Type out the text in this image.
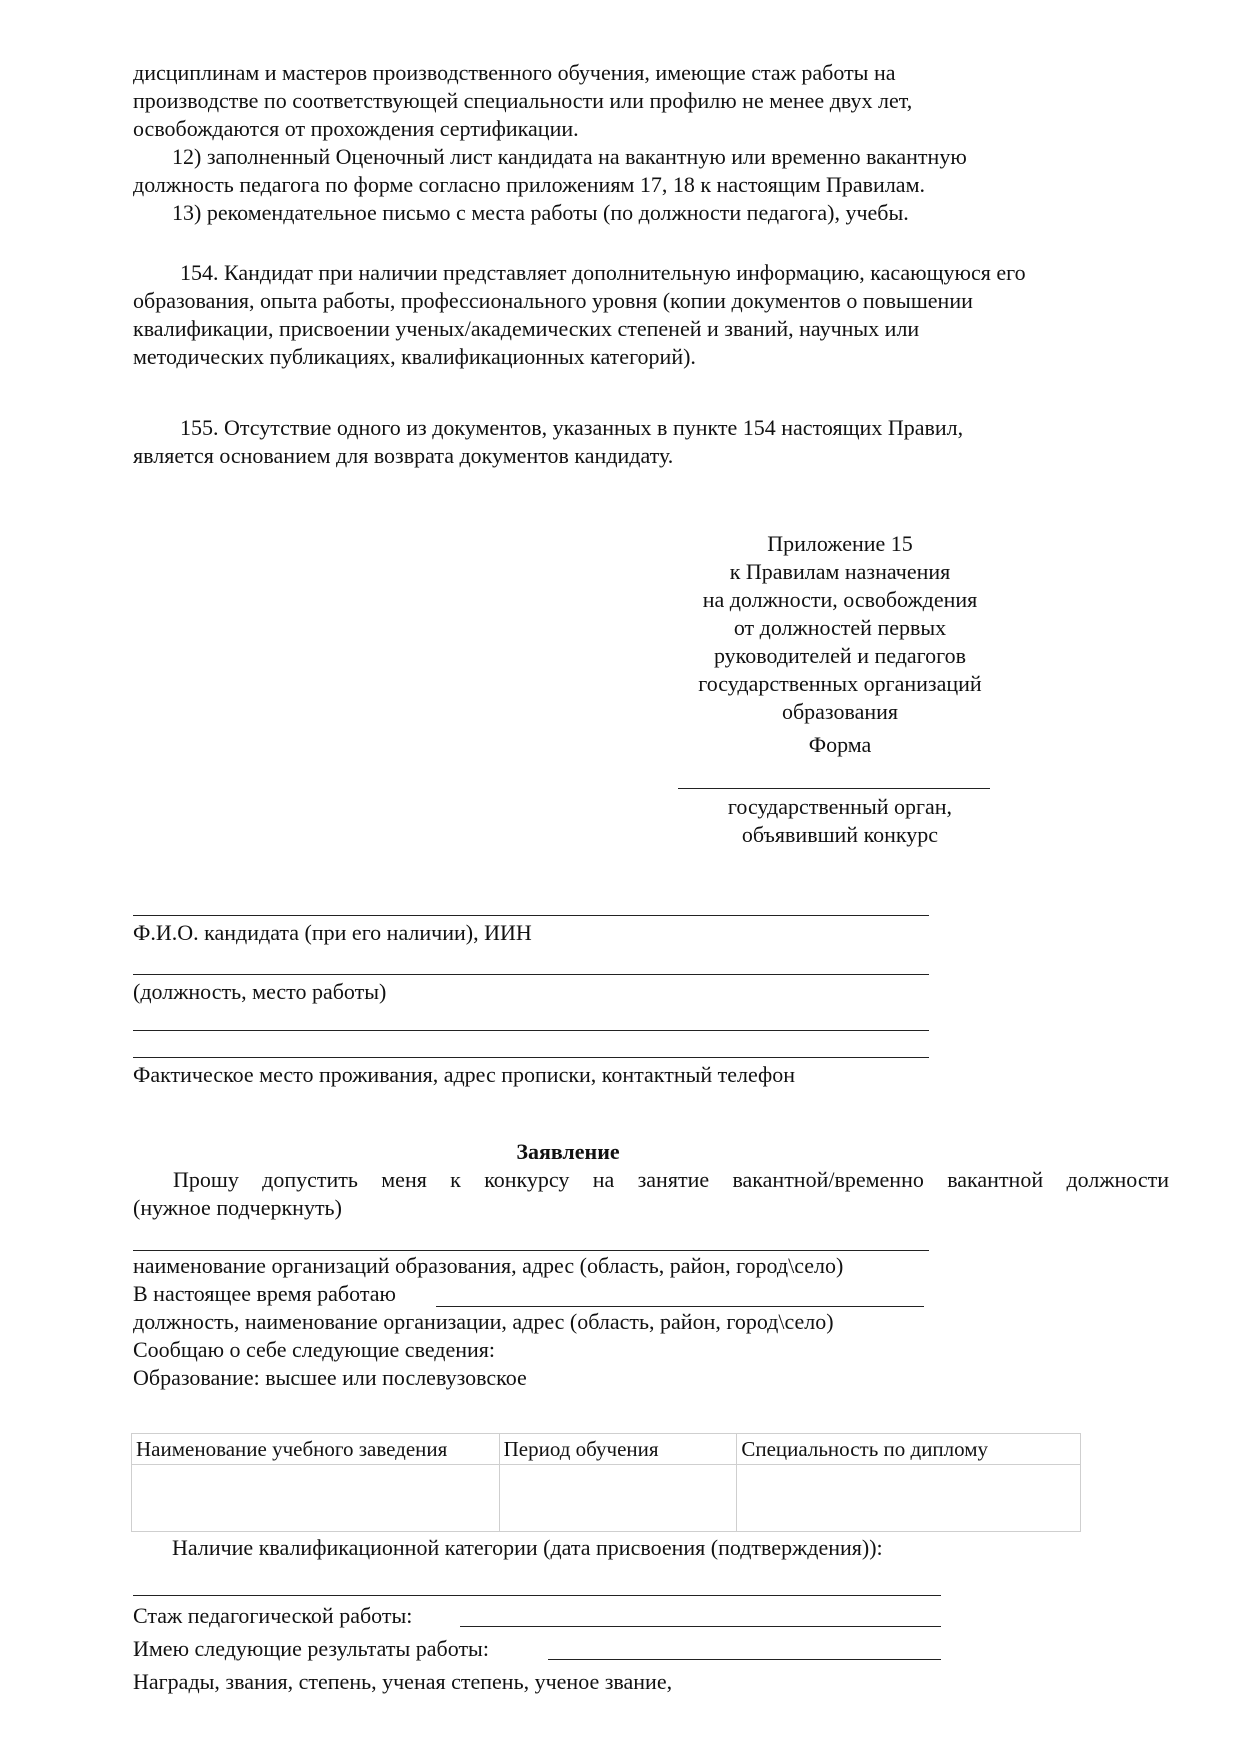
дисциплинам и мастеров производственного обучения, имеющие стаж работы на
производстве по соответствующей специальности или профилю не менее двух лет,
освобождаются от прохождения сертификации.
12) заполненный Оценочный лист кандидата на вакантную или временно вакантную
должность педагога по форме согласно приложениям 17, 18 к настоящим Правилам.
13) рекомендательное письмо с места работы (по должности педагога), учебы.
154. Кандидат при наличии представляет дополнительную информацию, касающуюся его
образования, опыта работы, профессионального уровня (копии документов о повышении
квалификации, присвоении ученых/академических степеней и званий, научных или
методических публикациях, квалификационных категорий).
155. Отсутствие одного из документов, указанных в пункте 154 настоящих Правил,
является основанием для возврата документов кандидату.
Приложение 15
к Правилам назначения
на должности, освобождения
от должностей первых
руководителей и педагогов
государственных организаций
образования
Форма
государственный орган,
объявивший конкурс
Ф.И.О. кандидата (при его наличии), ИИН
(должность, место работы)
Фактическое место проживания, адрес прописки, контактный телефон
Заявление
Прошу допустить меня к конкурсу на занятие вакантной/временно вакантной должности
(нужное подчеркнуть)
наименование организаций образования, адрес (область, район, город\село)
В настоящее время работаю
должность, наименование организации, адрес (область, район, город\село)
Сообщаю о себе следующие сведения:
Образование: высшее или послевузовское
Наименование учебного заведения	Период обучения	Специальность по диплому

Наличие квалификационной категории (дата присвоения (подтверждения)):
Стаж педагогической работы:
Имею следующие результаты работы:
Награды, звания, степень, ученая степень, ученое звание,
